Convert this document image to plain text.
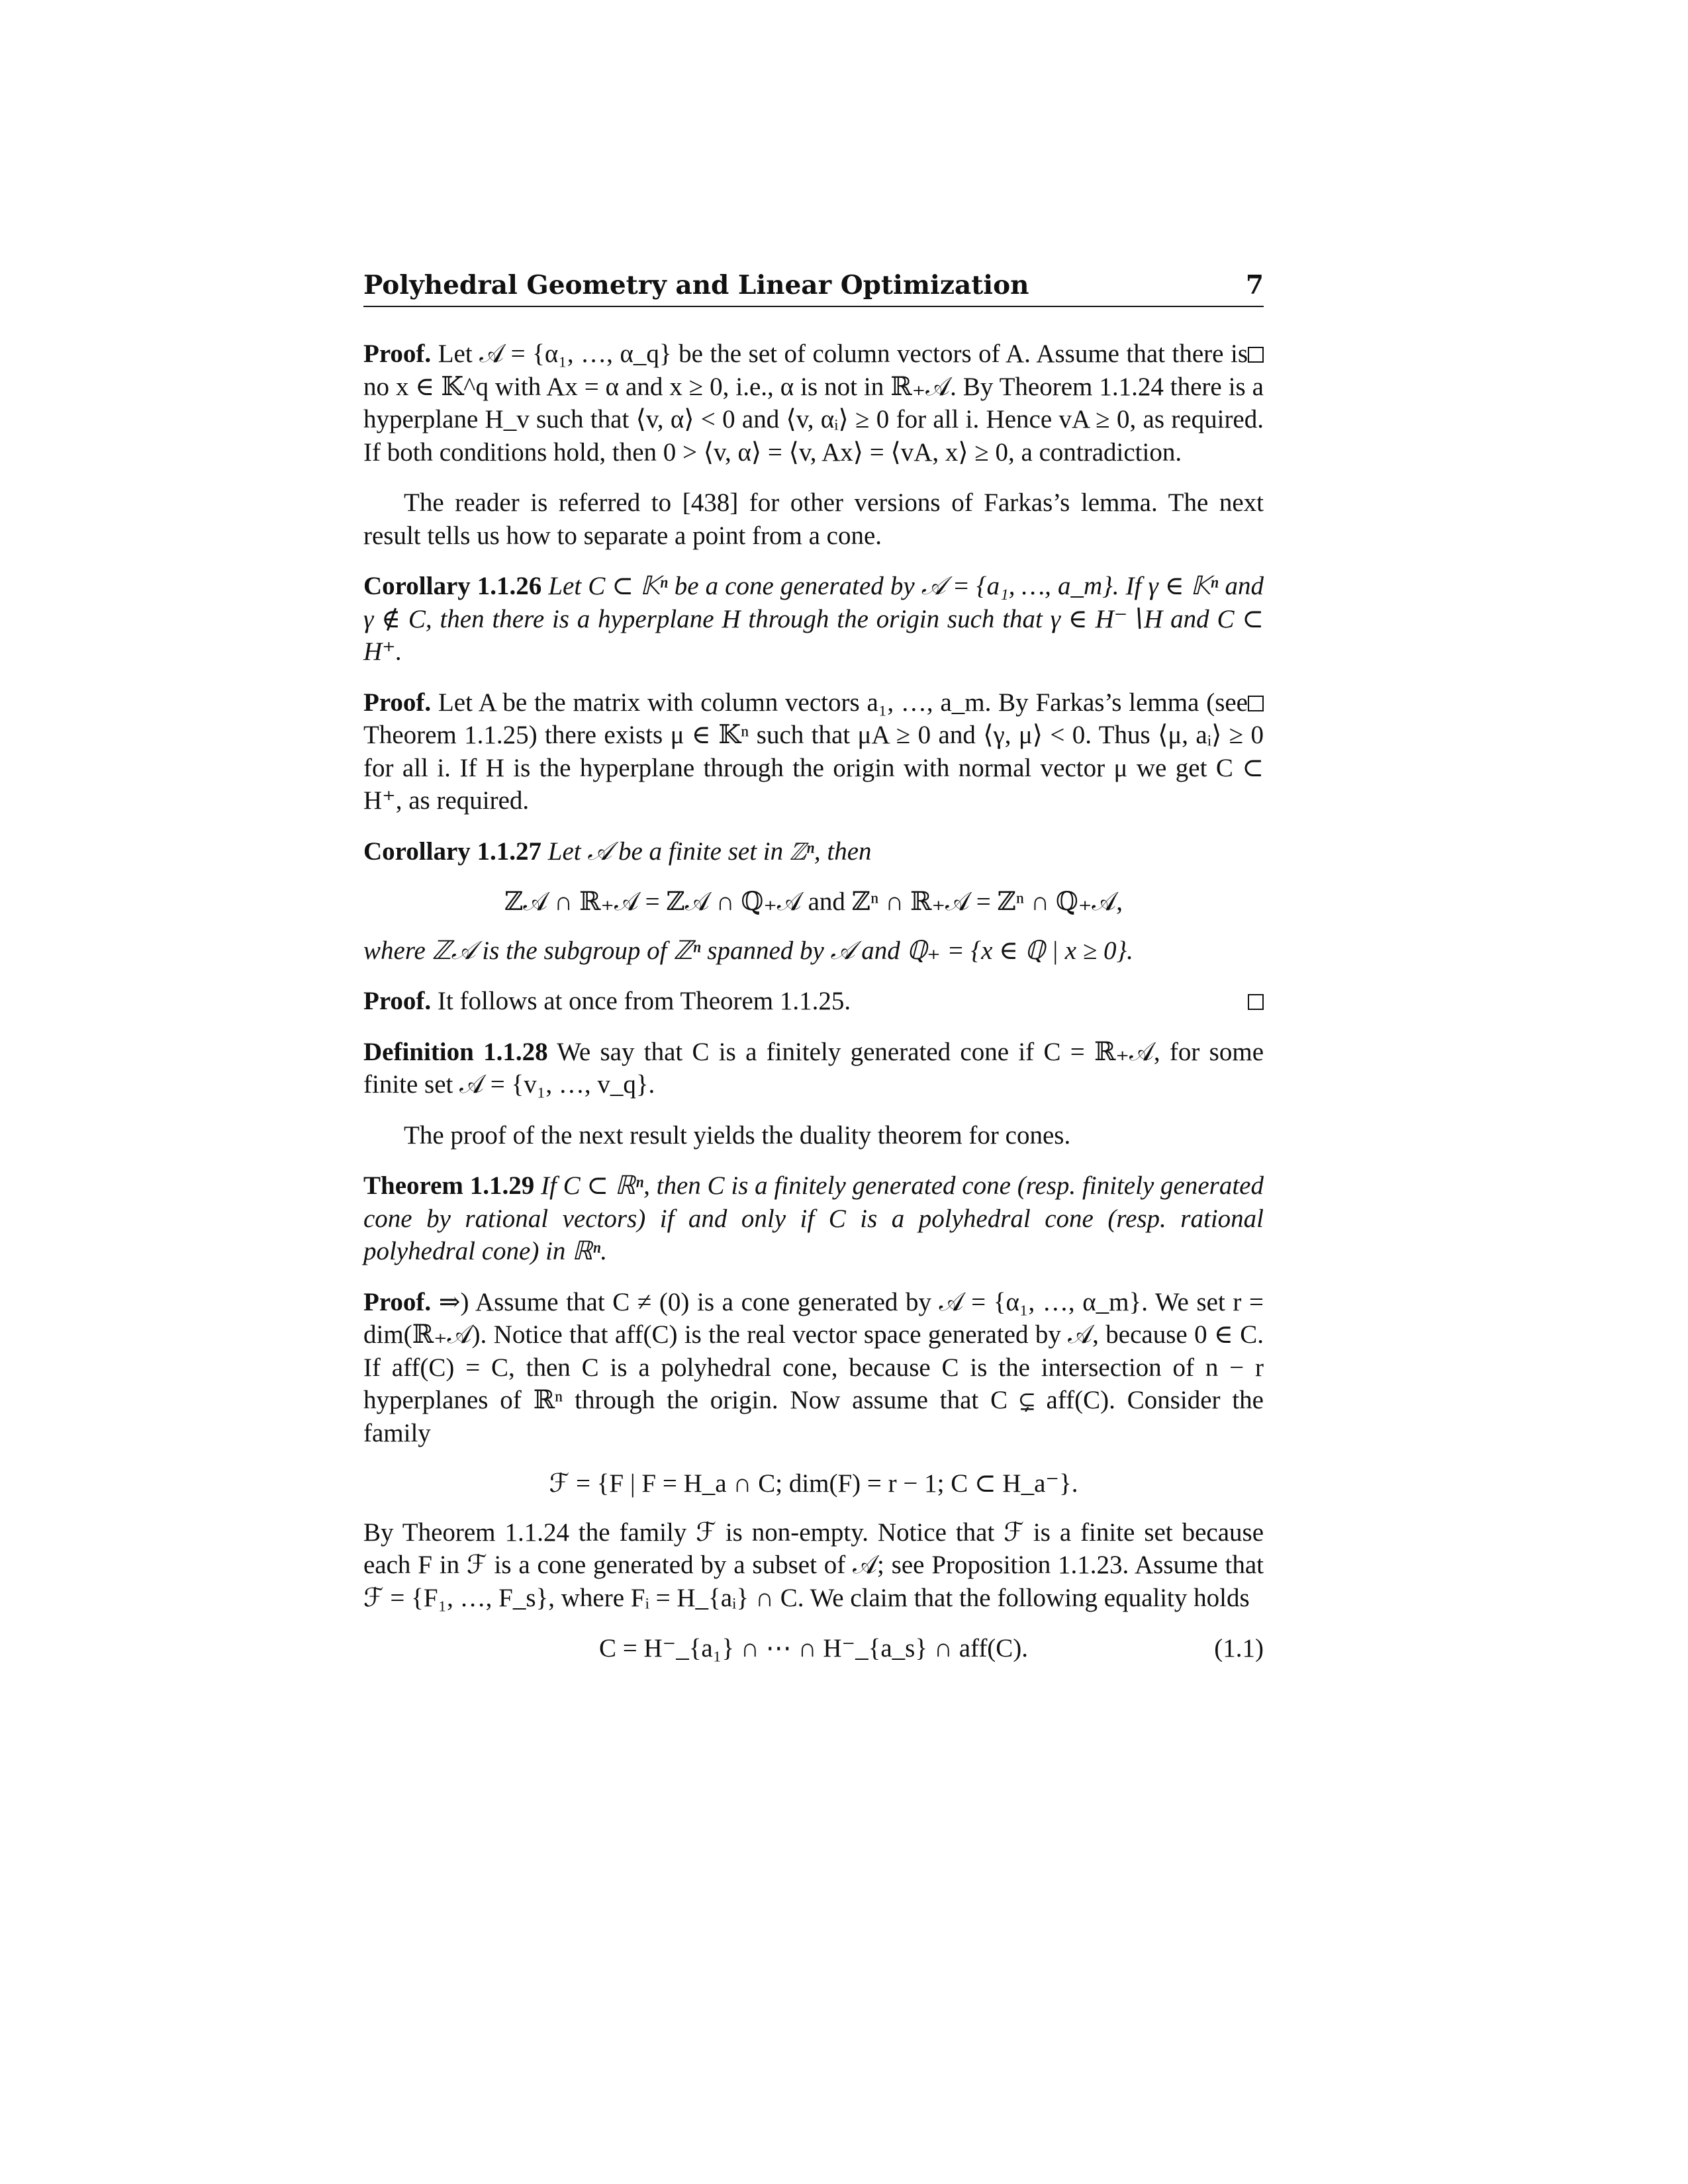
Polyhedral Geometry and Linear Optimization	7

Proof. Let 𝒜 = {α₁, …, α_q} be the set of column vectors of A. Assume that there is no x ∈ 𝕂^q with Ax = α and x ≥ 0, i.e., α is not in ℝ₊𝒜. By Theorem 1.1.24 there is a hyperplane H_v such that ⟨v, α⟩ < 0 and ⟨v, αᵢ⟩ ≥ 0 for all i. Hence vA ≥ 0, as required. If both conditions hold, then 0 > ⟨v, α⟩ = ⟨v, Ax⟩ = ⟨vA, x⟩ ≥ 0, a contradiction.

The reader is referred to [438] for other versions of Farkas’s lemma. The next result tells us how to separate a point from a cone.

Corollary 1.1.26 Let C ⊂ 𝕂ⁿ be a cone generated by 𝒜 = {a₁, …, a_m}. If γ ∈ 𝕂ⁿ and γ ∉ C, then there is a hyperplane H through the origin such that γ ∈ H⁻∖H and C ⊂ H⁺.

Proof. Let A be the matrix with column vectors a₁, …, a_m. By Farkas’s lemma (see Theorem 1.1.25) there exists μ ∈ 𝕂ⁿ such that μA ≥ 0 and ⟨γ, μ⟩ < 0. Thus ⟨μ, aᵢ⟩ ≥ 0 for all i. If H is the hyperplane through the origin with normal vector μ we get C ⊂ H⁺, as required.

Corollary 1.1.27 Let 𝒜 be a finite set in ℤⁿ, then

ℤ𝒜 ∩ ℝ₊𝒜 = ℤ𝒜 ∩ ℚ₊𝒜 and ℤⁿ ∩ ℝ₊𝒜 = ℤⁿ ∩ ℚ₊𝒜,

where ℤ𝒜 is the subgroup of ℤⁿ spanned by 𝒜 and ℚ₊ = {x ∈ ℚ | x ≥ 0}.

Proof. It follows at once from Theorem 1.1.25.

Definition 1.1.28 We say that C is a finitely generated cone if C = ℝ₊𝒜, for some finite set 𝒜 = {v₁, …, v_q}.

The proof of the next result yields the duality theorem for cones.

Theorem 1.1.29 If C ⊂ ℝⁿ, then C is a finitely generated cone (resp. finitely generated cone by rational vectors) if and only if C is a polyhedral cone (resp. rational polyhedral cone) in ℝⁿ.

Proof. ⇒) Assume that C ≠ (0) is a cone generated by 𝒜 = {α₁, …, α_m}. We set r = dim(ℝ₊𝒜). Notice that aff(C) is the real vector space generated by 𝒜, because 0 ∈ C. If aff(C) = C, then C is a polyhedral cone, because C is the intersection of n − r hyperplanes of ℝⁿ through the origin. Now assume that C ⊊ aff(C). Consider the family

ℱ = {F | F = H_a ∩ C; dim(F) = r − 1; C ⊂ H_a⁻}.

By Theorem 1.1.24 the family ℱ is non-empty. Notice that ℱ is a finite set because each F in ℱ is a cone generated by a subset of 𝒜; see Proposition 1.1.23. Assume that ℱ = {F₁, …, F_s}, where Fᵢ = H_{aᵢ} ∩ C. We claim that the following equality holds

C = H⁻_{a₁} ∩ ⋯ ∩ H⁻_{a_s} ∩ aff(C).	(1.1)
